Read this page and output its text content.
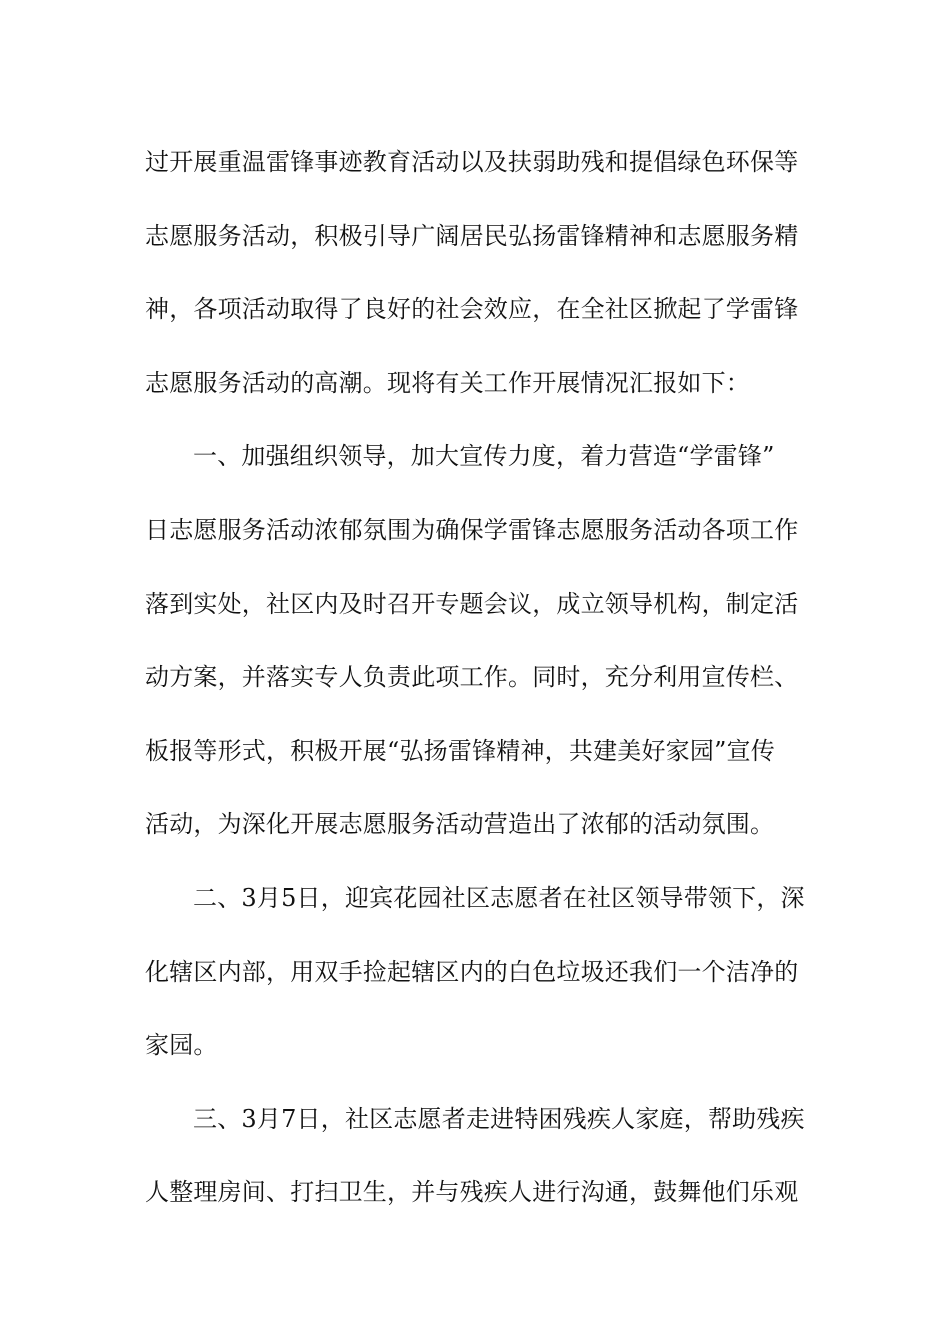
过开展重温雷锋事迹教育活动以及扶弱助残和提倡绿色环保等
志愿服务活动，积极引导广阔居民弘扬雷锋精神和志愿服务精
神，各项活动取得了良好的社会效应，在全社区掀起了学雷锋
志愿服务活动的高潮。现将有关工作开展情况汇报如下：
一、加强组织领导，加大宣传力度，着力营造“学雷锋”
日志愿服务活动浓郁氛围为确保学雷锋志愿服务活动各项工作
落到实处，社区内及时召开专题会议，成立领导机构，制定活
动方案，并落实专人负责此项工作。同时，充分利用宣传栏、
板报等形式，积极开展“弘扬雷锋精神，共建美好家园”宣传
活动，为深化开展志愿服务活动营造出了浓郁的活动氛围。
二、3月5日，迎宾花园社区志愿者在社区领导带领下，深
化辖区内部，用双手捡起辖区内的白色垃圾还我们一个洁净的
家园。
三、3月7日，社区志愿者走进特困残疾人家庭，帮助残疾
人整理房间、打扫卫生，并与残疾人进行沟通，鼓舞他们乐观
